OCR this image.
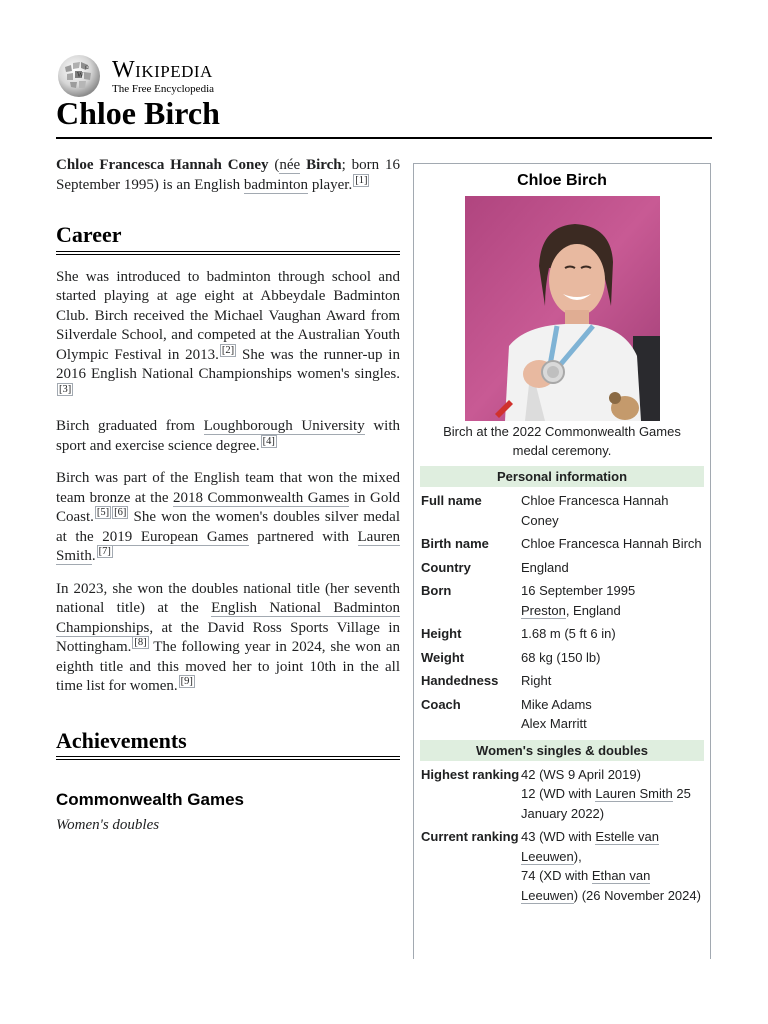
W
Ω Wikipedia
The Free Encyclopedia
Chloe Birch

Chloe Francesca Hannah Coney (née Birch; born 16 September 1995) is an English badminton player. [1]

Career

She was introduced to badminton through school and started playing at age eight at Abbeydale Badminton Club. Birch received the Michael Vaughan Award from Silverdale School, and competed at the Australian Youth Olympic Festival in 2013. [2] She was the runner-up in 2016 English National Championships women's singles.[3]

Birch graduated from Loughborough University with sport and exercise science degree. [4]

Birch was part of the English team that won the mixed team bronze at the 2018 Commonwealth Games in Gold Coast. [5] [6] She won the women's doubles silver medal at the 2019 European Games partnered with Lauren Smith. [7]

In 2023, she won the doubles national title (her seventh national title) at the English National Badminton Championships, at the David Ross Sports Village in Nottingham. [8] The following year in 2024, she won an eighth title and this moved her to joint 10th in the all time list for women. [9]

Achievements
Commonwealth Games
Women's doubles
Chloe Birch
Birch at the 2022 Commonwealth Games medal ceremony.
Personal information
Full name	Chloe Francesca Hannah Coney
Birth name	Chloe Francesca Hannah Birch
Country	England
Born	16 September 1995
Preston, England
Height	1.68 m (5 ft 6 in)
Weight	68 kg (150 lb)
Handedness	Right
Coach	Mike Adams
Alex Marritt
Women's singles & doubles
Highest ranking 42 (WS 9 April 2019)
12 (WD with Lauren Smith 25 January 2022)
Current ranking 43 (WD with Estelle van Leeuwen),
74 (XD with Ethan van Leeuwen) (26 November 2024)
